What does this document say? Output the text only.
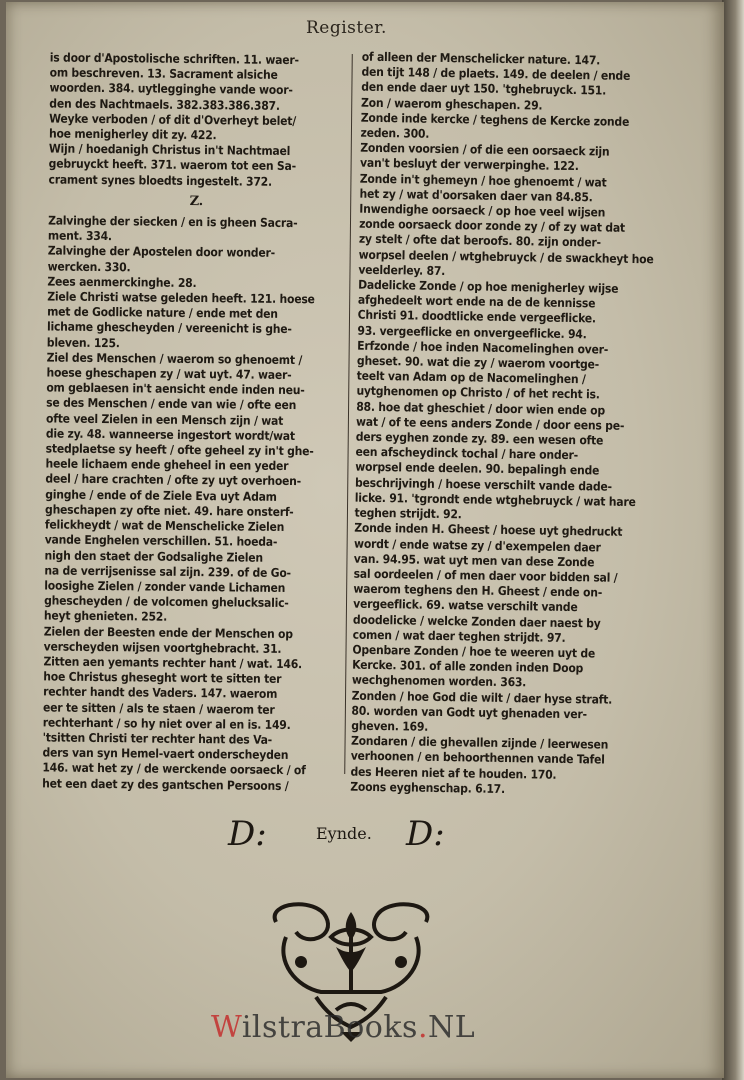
Register.
is door d'Apostolische schriften. 11. waer-
om beschreven. 13. Sacrament alsiche
woorden. 384. uytlegginghe vande woor-
den des Nachtmaels. 382.383.386.387.
Weyke verboden / of dit d'Overheyt belet/
hoe menigherley dit zy. 422.
Wijn / hoedanigh Christus in't Nachtmael
gebruyckt heeft. 371. waerom tot een Sa-
crament synes bloedts ingestelt. 372.
Z.
Zalvinghe der siecken / en is gheen Sacra-
ment. 334.
Zalvinghe der Apostelen door wonder-
wercken. 330.
Zees aenmerckinghe. 28.
Ziele Christi watse geleden heeft. 121. hoese
met de Godlicke nature / ende met den
lichame ghescheyden / vereenicht is ghe-
bleven. 125.
Ziel des Menschen / waerom so ghenoemt /
hoese gheschapen zy / wat uyt. 47. waer-
om geblaesen in't aensicht ende inden neu-
se des Menschen / ende van wie / ofte een
ofte veel Zielen in een Mensch zijn / wat
die zy. 48. wanneerse ingestort wordt/wat
stedplaetse sy heeft / ofte geheel zy in't ghe-
heele lichaem ende gheheel in een yeder
deel / hare crachten / ofte zy uyt overhoen-
ginghe / ende of de Ziele Eva uyt Adam
gheschapen zy ofte niet. 49. hare onsterf-
felickheydt / wat de Menschelicke Zielen
vande Enghelen verschillen. 51. hoeda-
nigh den staet der Godsalighe Zielen
na de verrijsenisse sal zijn. 239. of de Go-
loosighe Zielen / zonder vande Lichamen
ghescheyden / de volcomen ghelucksalic-
heyt ghenieten. 252.
Zielen der Beesten ende der Menschen op
verscheyden wijsen voortghebracht. 31.
Zitten aen yemants rechter hant / wat. 146.
hoe Christus gheseght wort te sitten ter
rechter handt des Vaders. 147. waerom
eer te sitten / als te staen / waerom ter
rechterhant / so hy niet over al en is. 149.
'tsitten Christi ter rechter hant des Va-
ders van syn Hemel-vaert onderscheyden
146. wat het zy / de werckende oorsaeck / of
het een daet zy des gantschen Persoons /
of alleen der Menschelicker nature. 147.
den tijt 148 / de plaets. 149. de deelen / ende
den ende daer uyt 150. 'tghebruyck. 151.
Zon / waerom gheschapen. 29.
Zonde inde kercke / teghens de Kercke zonde
zeden. 300.
Zonden voorsien / of die een oorsaeck zijn
van't besluyt der verwerpinghe. 122.
Zonde in't ghemeyn / hoe ghenoemt / wat
het zy / wat d'oorsaken daer van 84.85.
Inwendighe oorsaeck / op hoe veel wijsen
zonde oorsaeck door zonde zy / of zy wat dat
zy stelt / ofte dat beroofs. 80. zijn onder-
worpsel deelen / wtghebruyck / de swackheyt hoe
veelderley. 87.
Dadelicke Zonde / op hoe menigherley wijse
afghedeelt wort ende na de de kennisse
Christi 91. doodtlicke ende vergeeflicke.
93. vergeeflicke en onvergeeflicke. 94.
Erfzonde / hoe inden Nacomelinghen over-
gheset. 90. wat die zy / waerom voortge-
teelt van Adam op de Nacomelinghen /
uytghenomen op Christo / of het recht is.
88. hoe dat gheschiet / door wien ende op
wat / of te eens anders Zonde / door eens pe-
ders eyghen zonde zy. 89. een wesen ofte
een afscheydinck tochal / hare onder-
worpsel ende deelen. 90. bepalingh ende
beschrijvingh / hoese verschilt vande dade-
licke. 91. 'tgrondt ende wtghebruyck / wat hare
teghen strijdt. 92.
Zonde inden H. Gheest / hoese uyt ghedruckt
wordt / ende watse zy / d'exempelen daer
van. 94.95. wat uyt men van dese Zonde
sal oordeelen / of men daer voor bidden sal /
waerom teghens den H. Gheest / ende on-
vergeeflick. 69. watse verschilt vande
doodelicke / welcke Zonden daer naest by
comen / wat daer teghen strijdt. 97.
Openbare Zonden / hoe te weeren uyt de
Kercke. 301. of alle zonden inden Doop
wechghenomen worden. 363.
Zonden / hoe God die wilt / daer hyse straft.
80. worden van Godt uyt ghenaden ver-
gheven. 169.
Zondaren / die ghevallen zijnde / leerwesen
verhoonen / en behoorthennen vande Tafel
des Heeren niet af te houden. 170.
Zoons eyghenschap. 6.17.
D:	Eynde. D:
WilstraBooks.NL
